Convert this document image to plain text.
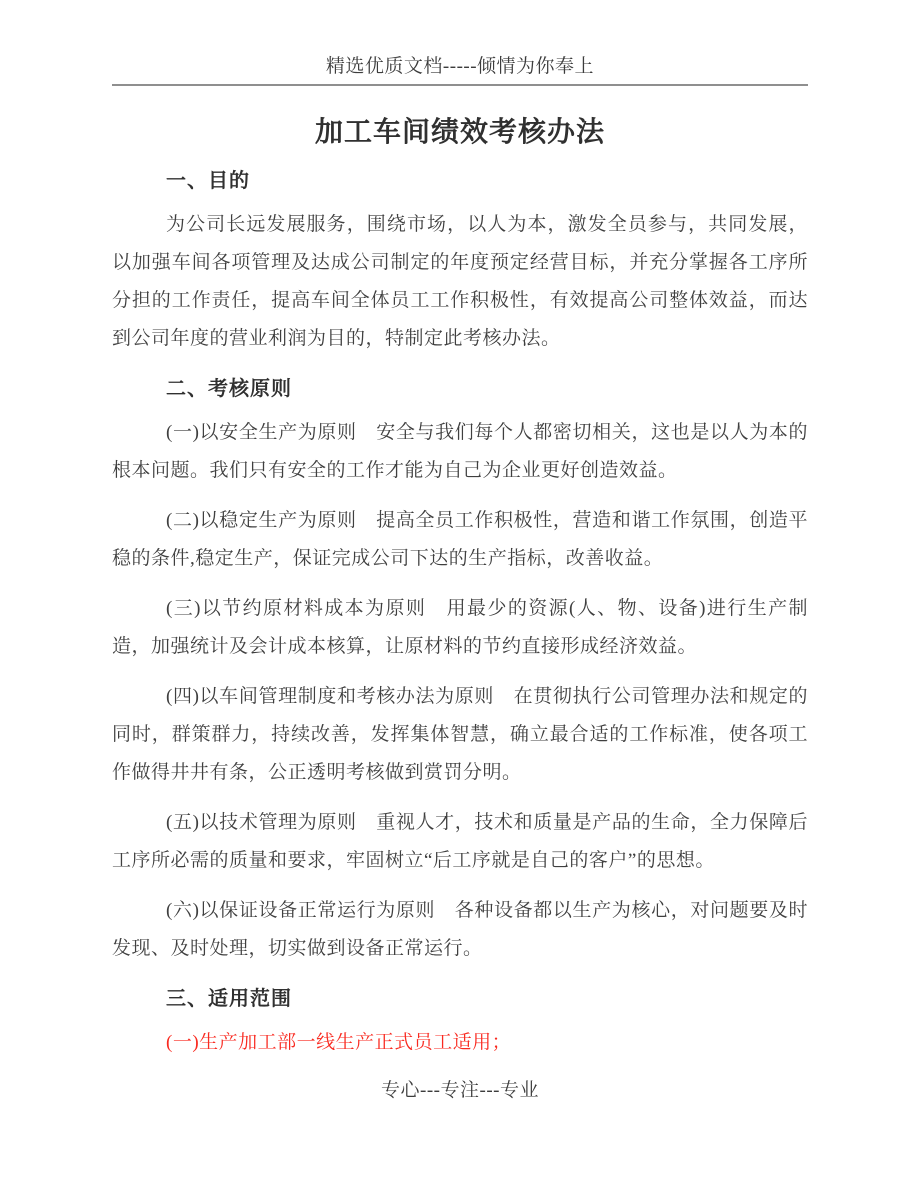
精选优质文档-----倾情为你奉上
加工车间绩效考核办法
一、目的

为公司长远发展服务，围绕市场，以人为本，激发全员参与，共同发展，以加强车间各项管理及达成公司制定的年度预定经营目标，并充分掌握各工序所分担的工作责任，提高车间全体员工工作积极性，有效提高公司整体效益，而达到公司年度的营业利润为目的，特制定此考核办法。

二、考核原则

(一)以安全生产为原则　安全与我们每个人都密切相关，这也是以人为本的根本问题。我们只有安全的工作才能为自己为企业更好创造效益。

(二)以稳定生产为原则　提高全员工作积极性，营造和谐工作氛围，创造平稳的条件,稳定生产，保证完成公司下达的生产指标，改善收益。

(三)以节约原材料成本为原则　用最少的资源(人、物、设备)进行生产制造，加强统计及会计成本核算，让原材料的节约直接形成经济效益。

(四)以车间管理制度和考核办法为原则　在贯彻执行公司管理办法和规定的同时，群策群力，持续改善，发挥集体智慧，确立最合适的工作标准，使各项工作做得井井有条，公正透明考核做到赏罚分明。

(五)以技术管理为原则　重视人才，技术和质量是产品的生命，全力保障后工序所必需的质量和要求，牢固树立“后工序就是自己的客户”的思想。

(六)以保证设备正常运行为原则　各种设备都以生产为核心，对问题要及时发现、及时处理，切实做到设备正常运行。

三、适用范围

(一)生产加工部一线生产正式员工适用；

专心---专注---专业
